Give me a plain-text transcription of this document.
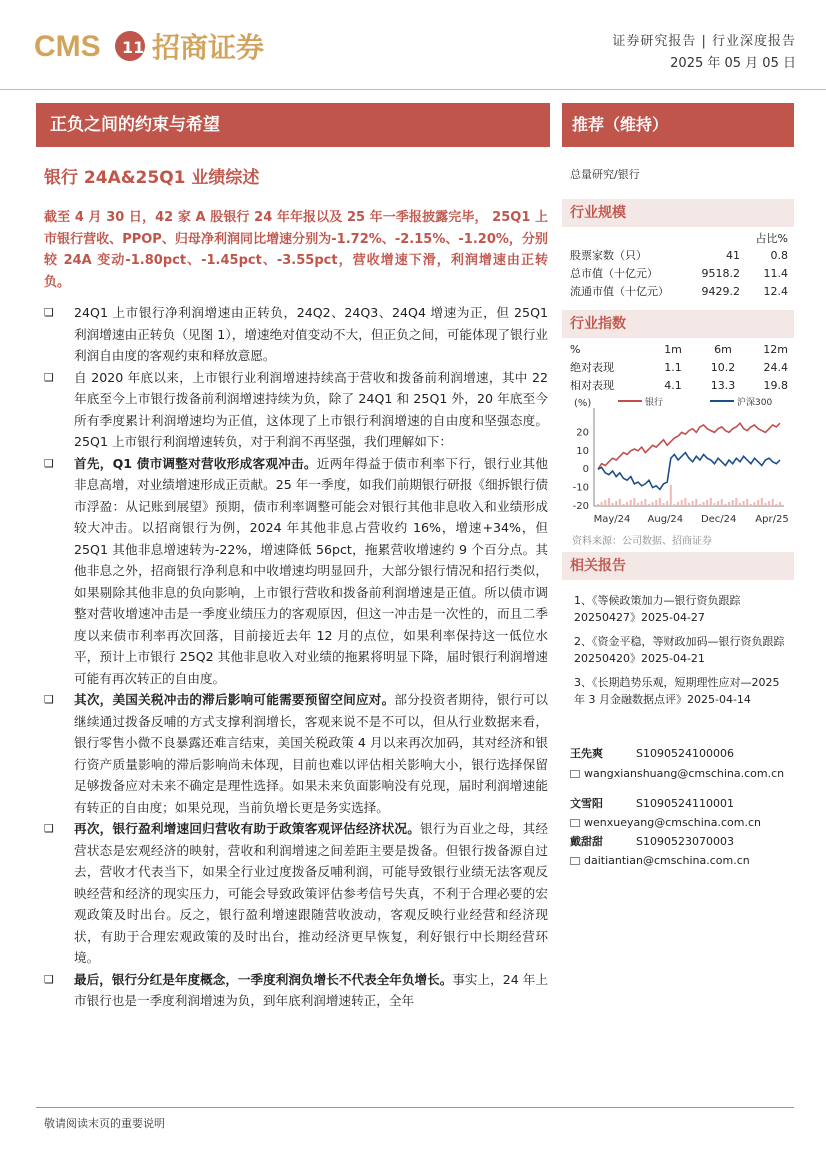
CMS 111
招商证券	证券研究报告 | 行业深度报告
2025 年 05 月 05 日
正负之间的约束与希望	推荐（维持）
银行 24A&25Q1 业绩综述
截至 4 月 30 日，42 家 A 股银行 24 年年报以及 25 年一季报披露完毕， 25Q1 上市银行营收、PPOP、归母净利润同比增速分别为-1.72%、-2.15%、-1.20%，分别较 24A 变动-1.80pct、-1.45pct、-3.55pct，营收增速下滑，利润增速由正转负。
❑ 24Q1 上市银行净利润增速由正转负，24Q2、24Q3、24Q4 增速为正，但 25Q1 利润增速由正转负（见图 1），增速绝对值变动不大，但正负之间，可能体现了银行业利润自由度的客观约束和释放意愿。
❑ 自 2020 年底以来，上市银行业利润增速持续高于营收和拨备前利润增速，其中 22 年底至今上市银行拨备前利润增速持续为负，除了 24Q1 和 25Q1 外，20 年底至今所有季度累计利润增速均为正值，这体现了上市银行利润增速的自由度和坚强态度。25Q1 上市银行利润增速转负，对于利润不再坚强，我们理解如下：
❑ 首先，Q1 债市调整对营收形成客观冲击。近两年得益于债市利率下行，银行业其他非息高增，对业绩增速形成正贡献。25 年一季度，如我们前期银行研报《细拆银行债市浮盈：从记账到展望》预期，债市利率调整可能会对银行其他非息收入和业绩形成较大冲击。以招商银行为例，2024 年其他非息占营收约 16%，增速+34%，但 25Q1 其他非息增速转为-22%，增速降低 56pct，拖累营收增速约 9 个百分点。其他非息之外，招商银行净利息和中收增速均明显回升，大部分银行情况和招行类似，如果剔除其他非息的负向影响，上市银行营收和拨备前利润增速是正值。所以债市调整对营收增速冲击是一季度业绩压力的客观原因，但这一冲击是一次性的，而且二季度以来债市利率再次回落，目前接近去年 12 月的点位，如果利率保持这一低位水平，预计上市银行 25Q2 其他非息收入对业绩的拖累将明显下降，届时银行利润增速可能有再次转正的自由度。
❑ 其次，美国关税冲击的滞后影响可能需要预留空间应对。部分投资者期待，银行可以继续通过拨备反哺的方式支撑利润增长，客观来说不是不可以，但从行业数据来看，银行零售小微不良暴露还难言结束，美国关税政策 4 月以来再次加码，其对经济和银行资产质量影响的滞后影响尚未体现，目前也难以评估相关影响大小，银行选择保留足够拨备应对未来不确定是理性选择。如果未来负面影响没有兑现，届时利润增速能有转正的自由度；如果兑现，当前负增长更是务实选择。
❑ 再次，银行盈利增速回归营收有助于政策客观评估经济状况。银行为百业之母，其经营状态是宏观经济的映射，营收和利润增速之间差距主要是拨备。但银行拨备源自过去，营收才代表当下，如果全行业过度拨备反哺利润，可能导致银行业绩无法客观反映经营和经济的现实压力，可能会导致政策评估参考信号失真，不利于合理必要的宏观政策及时出台。反之，银行盈利增速跟随营收波动，客观反映行业经营和经济现状，有助于合理宏观政策的及时出台，推动经济更早恢复，利好银行中长期经营环境。
❑ 最后，银行分红是年度概念，一季度利润负增长不代表全年负增长。事实上，24 年上市银行也是一季度利润增速为负，到年底利润增速转正，全年
总量研究/银行
行业规模
占比%
股票家数（只）	41	0.8
总市值（十亿元）	9518.2	11.4
流通市值（十亿元）	9429.2	12.4
行业指数
%	1m	6m	12m
绝对表现	1.1	10.2	24.4
相对表现	4.1	13.3	19.8
(%)	银行	沪深300
-20
-10
0
10
20
May/24 Aug/24 Dec/24 Apr/25
资料来源：公司数据、招商证券
相关报告
1、《等候政策加力—银行资负跟踪 20250427》2025-04-27
2、《资金平稳，等财政加码—银行资负跟踪 20250420》2025-04-21
3、《长期趋势乐观，短期理性应对—2025 年 3 月金融数据点评》2025-04-14
王先爽	S1090524100006
wangxianshuang@cmschina.com.cn
文雪阳	S1090524110001
wenxueyang@cmschina.com.cn
戴甜甜	S1090523070003
daitiantian@cmschina.com.cn
敬请阅读末页的重要说明
